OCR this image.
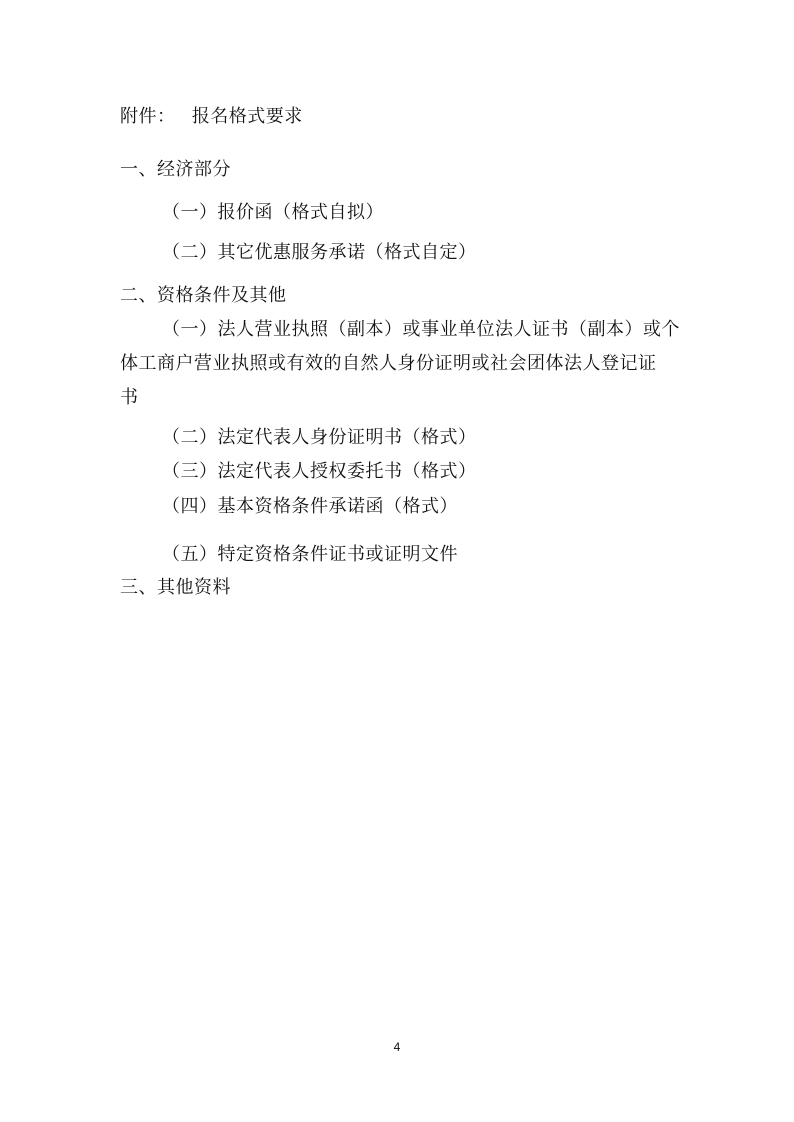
附件： 报名格式要求
一、经济部分
（一）报价函（格式自拟）
（二）其它优惠服务承诺（格式自定）
二、资格条件及其他
（一）法人营业执照（副本）或事业单位法人证书（副本）或个
体工商户营业执照或有效的自然人身份证明或社会团体法人登记证
书
（二）法定代表人身份证明书（格式）
（三）法定代表人授权委托书（格式）
（四）基本资格条件承诺函（格式）
（五）特定资格条件证书或证明文件
三、其他资料
4
